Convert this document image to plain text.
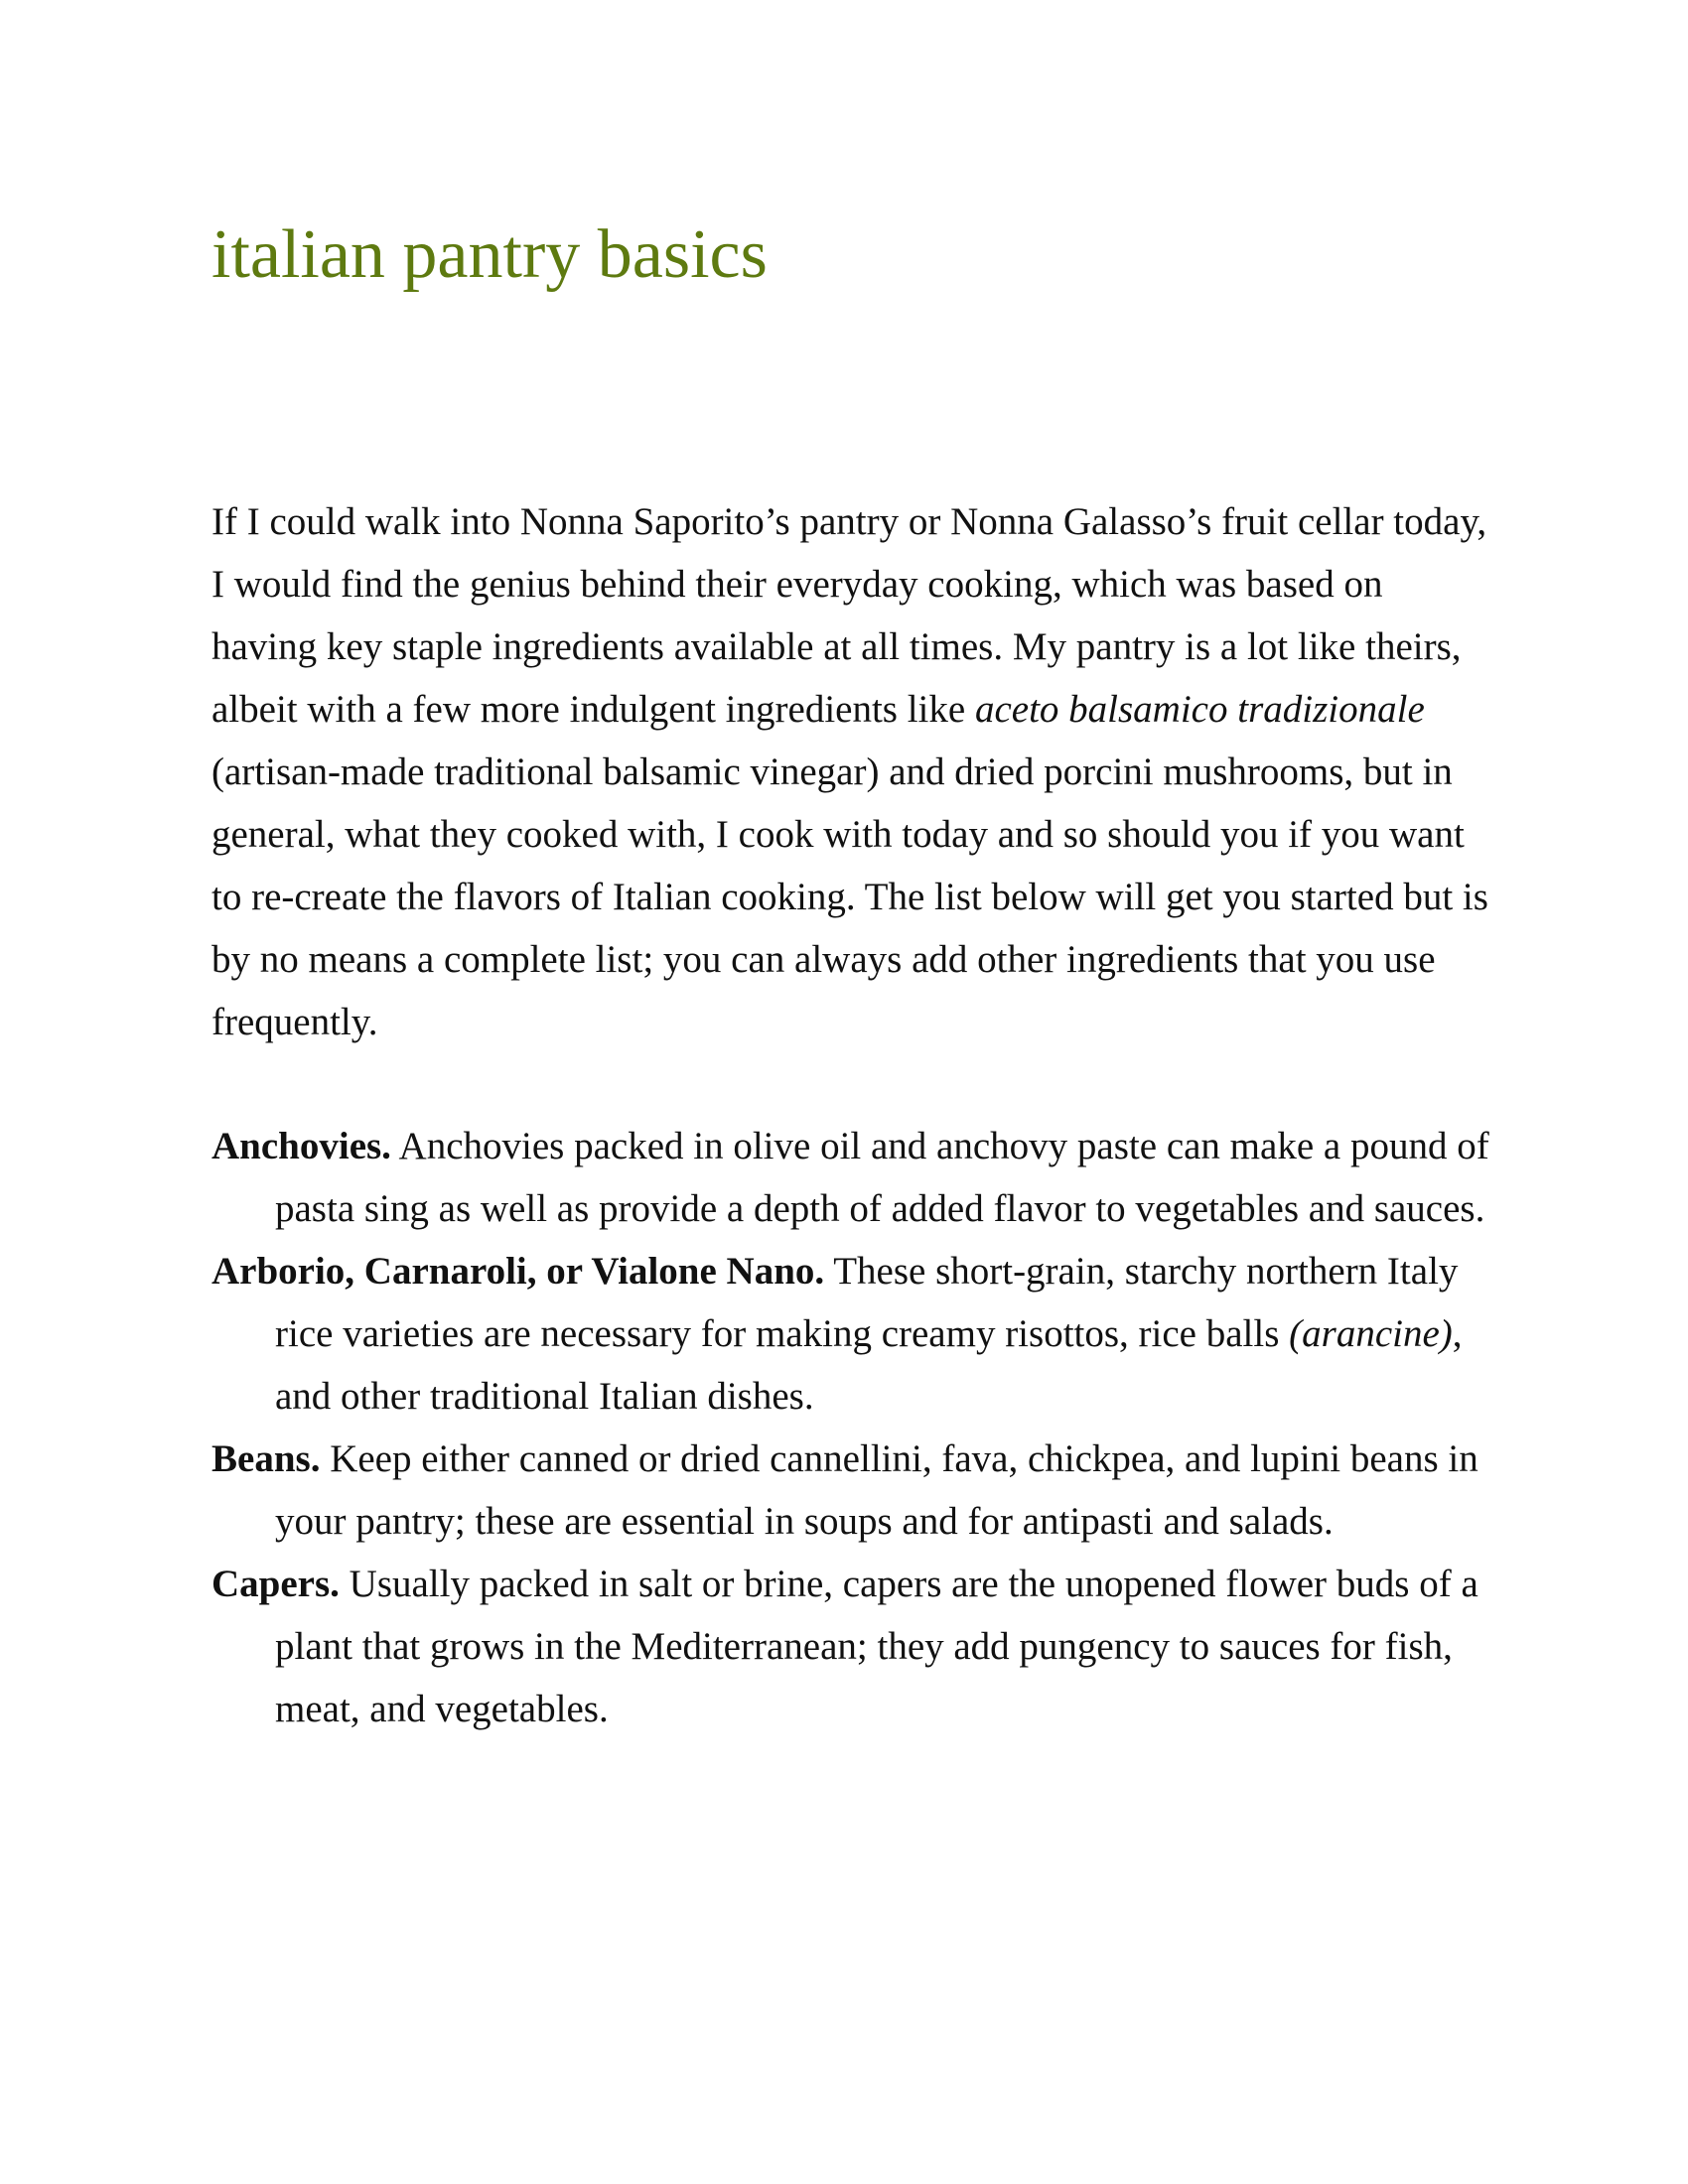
italian pantry basics

If I could walk into Nonna Saporito’s pantry or Nonna Galasso’s fruit cellar today, I would find the genius behind their everyday cooking, which was based on having key staple ingredients available at all times. My pantry is a lot like theirs, albeit with a few more indulgent ingredients like aceto balsamico tradizionale (artisan-made traditional balsamic vinegar) and dried porcini mushrooms, but in general, what they cooked with, I cook with today and so should you if you want to re-create the flavors of Italian cooking. The list below will get you started but is by no means a complete list; you can always add other ingredients that you use frequently.

Anchovies. Anchovies packed in olive oil and anchovy paste can make a pound of pasta sing as well as provide a depth of added flavor to vegetables and sauces.

Arborio, Carnaroli, or Vialone Nano. These short-grain, starchy northern Italy rice varieties are necessary for making creamy risottos, rice balls (arancine), and other traditional Italian dishes.

Beans. Keep either canned or dried cannellini, fava, chickpea, and lupini beans in your pantry; these are essential in soups and for antipasti and salads.

Capers. Usually packed in salt or brine, capers are the unopened flower buds of a plant that grows in the Mediterranean; they add pungency to sauces for fish, meat, and vegetables.
